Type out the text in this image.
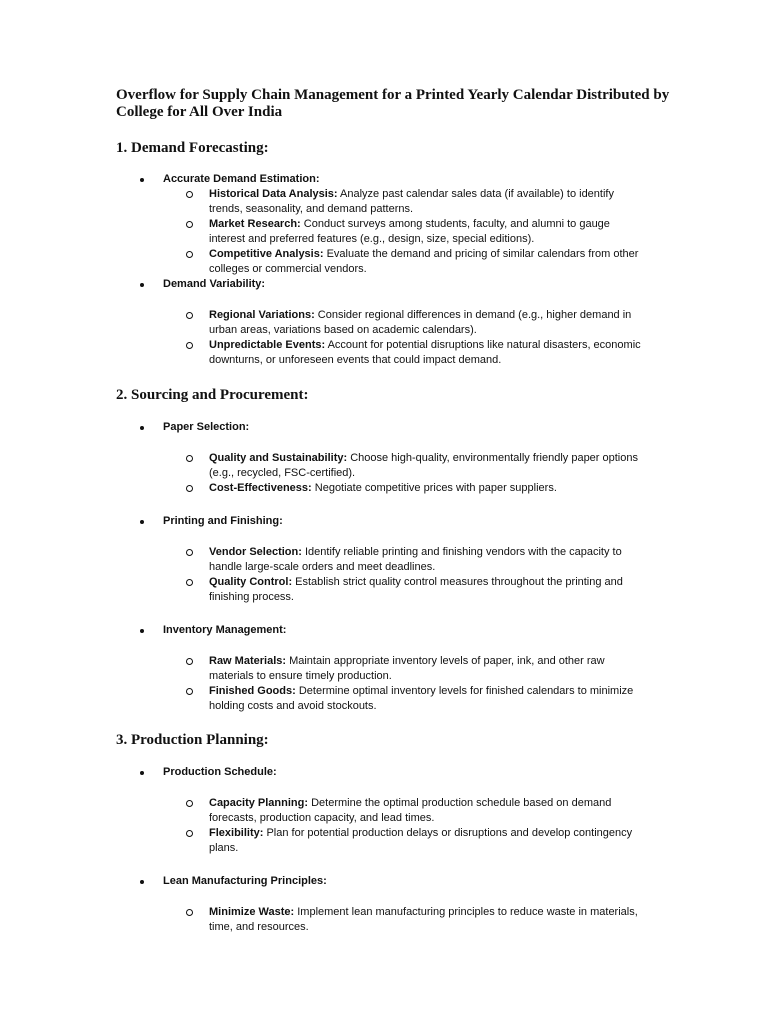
Overflow for Supply Chain Management for a Printed Yearly Calendar Distributed by College for All Over India
1. Demand Forecasting:
Accurate Demand Estimation:
Historical Data Analysis: Analyze past calendar sales data (if available) to identify trends, seasonality, and demand patterns.
Market Research: Conduct surveys among students, faculty, and alumni to gauge interest and preferred features (e.g., design, size, special editions).
Competitive Analysis: Evaluate the demand and pricing of similar calendars from other colleges or commercial vendors.
Demand Variability:
Regional Variations: Consider regional differences in demand (e.g., higher demand in urban areas, variations based on academic calendars).
Unpredictable Events: Account for potential disruptions like natural disasters, economic downturns, or unforeseen events that could impact demand.
2. Sourcing and Procurement:
Paper Selection:
Quality and Sustainability: Choose high-quality, environmentally friendly paper options (e.g., recycled, FSC-certified).
Cost-Effectiveness: Negotiate competitive prices with paper suppliers.
Printing and Finishing:
Vendor Selection: Identify reliable printing and finishing vendors with the capacity to handle large-scale orders and meet deadlines.
Quality Control: Establish strict quality control measures throughout the printing and finishing process.
Inventory Management:
Raw Materials: Maintain appropriate inventory levels of paper, ink, and other raw materials to ensure timely production.
Finished Goods: Determine optimal inventory levels for finished calendars to minimize holding costs and avoid stockouts.
3. Production Planning:
Production Schedule:
Capacity Planning: Determine the optimal production schedule based on demand forecasts, production capacity, and lead times.
Flexibility: Plan for potential production delays or disruptions and develop contingency plans.
Lean Manufacturing Principles:
Minimize Waste: Implement lean manufacturing principles to reduce waste in materials, time, and resources.
